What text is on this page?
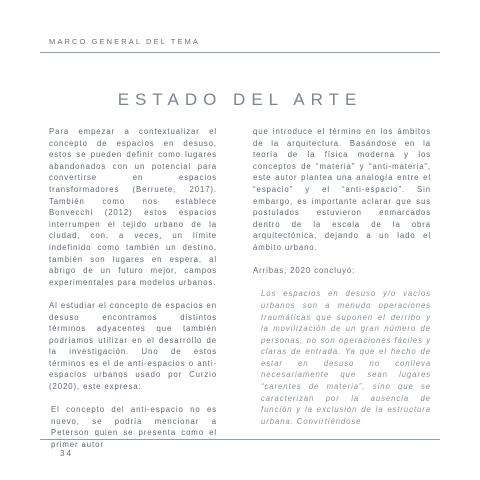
MARCO GENERAL DEL TEMA
ESTADO DEL ARTE

Para empezar a contextualizar el concepto de espacios en desuso, estos se pueden definir como lugares abandonados con un potencial para convertirse en espacios transformadores (Berruete, 2017). También como nos establece Bonvecchi (2012) estos espacios interrumpen el tejido urbano de la ciudad, con, a veces, un límite indefinido como también un destino, también son lugares en espera, al abrigo de un futuro mejor, campos experimentales para modelos urbanos.

Al estudiar el concepto de espacios en desuso encontramos distintos términos adyacentes que también podríamos utilizar en el desarrollo de la investigación. Uno de estos términos es el de anti-espacios o anti-espacios urbanos usado por Curzio (2020), este expresa:

El concepto del anti-espacio no es nuevo, se podría mencionar a Peterson quien se presenta como el primer autor

que introduce el término en los ámbitos de la arquitectura. Basándose en la teoría de la física moderna y los conceptos de “materia” y “anti-materia”, este autor plantea una analogía entre el “espacio” y el “anti-espacio”. Sin embargo, es importante aclarar que sus postulados estuvieron enmarcados dentro de la escala de la obra arquitectónica, dejando a un lado el ámbito urbano.

Arribas, 2020 concluyó:

Los espacios en desuso y/o vacíos urbanos son a menudo operaciones traumáticas que suponen el derribo y la movilización de un gran número de personas, no son operaciones fáciles y claras de entrada. Ya que el hecho de estar en desuso no conlleva necesariamente que sean lugares “carentes de materia”, sino que se caracterizan por la ausencia de función y la exclusión de la estructura urbana. Convirtiéndose

34
